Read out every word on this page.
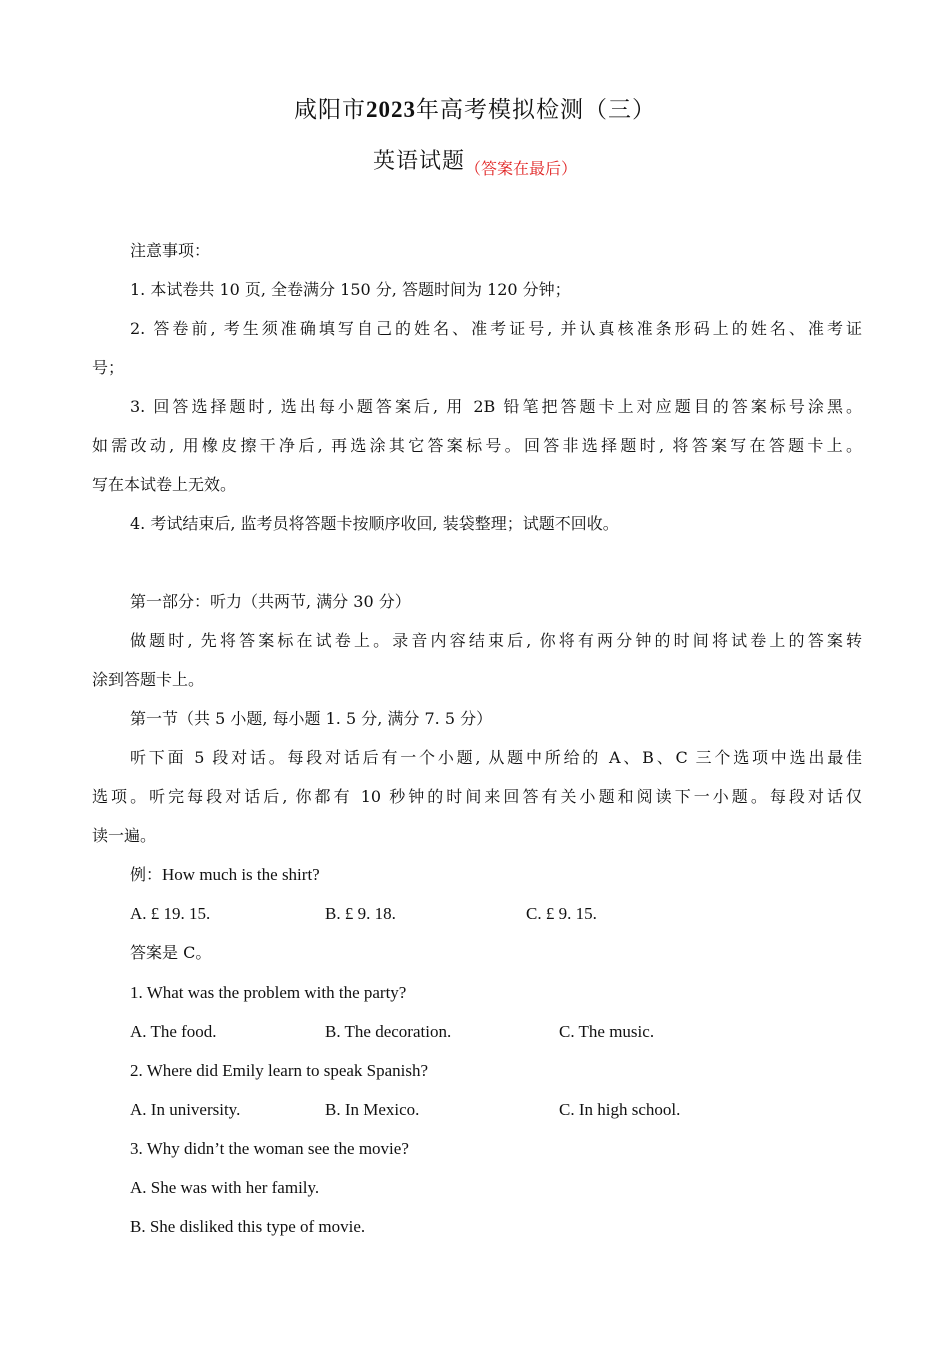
咸阳市2023年高考模拟检测（三）
英语试题$_{(答案在最后)}$
注意事项：
1. 本试卷共 10 页, 全卷满分 150 分, 答题时间为 120 分钟；
2. 答卷前, 考生须准确填写自己的姓名、准考证号, 并认真核准条形码上的姓名、准考证
号；
3. 回答选择题时, 选出每小题答案后, 用 2B 铅笔把答题卡上对应题目的答案标号涂黑。
如需改动, 用橡皮擦干净后, 再选涂其它答案标号。回答非选择题时, 将答案写在答题卡上。
写在本试卷上无效。
4. 考试结束后, 监考员将答题卡按顺序收回, 装袋整理；试题不回收。
第一部分：听力（共两节, 满分 30 分）
做题时, 先将答案标在试卷上。录音内容结束后, 你将有两分钟的时间将试卷上的答案转
涂到答题卡上。
第一节（共 5 小题, 每小题 1. 5 分, 满分 7. 5 分）
听下面 5 段对话。每段对话后有一个小题, 从题中所给的 A、B、C 三个选项中选出最佳
选项。听完每段对话后, 你都有 10 秒钟的时间来回答有关小题和阅读下一小题。每段对话仅
读一遍。
例：How much is the shirt?
A. £ 19. 15.	B. £ 9. 18.	C. £ 9. 15.
答案是 C。
1. What was the problem with the party?
A. The food.	B. The decoration.	C. The music.
2. Where did Emily learn to speak Spanish?
A. In university.	B. In Mexico.	C. In high school.
3. Why didn’t the woman see the movie?
A. She was with her family.
B. She disliked this type of movie.
